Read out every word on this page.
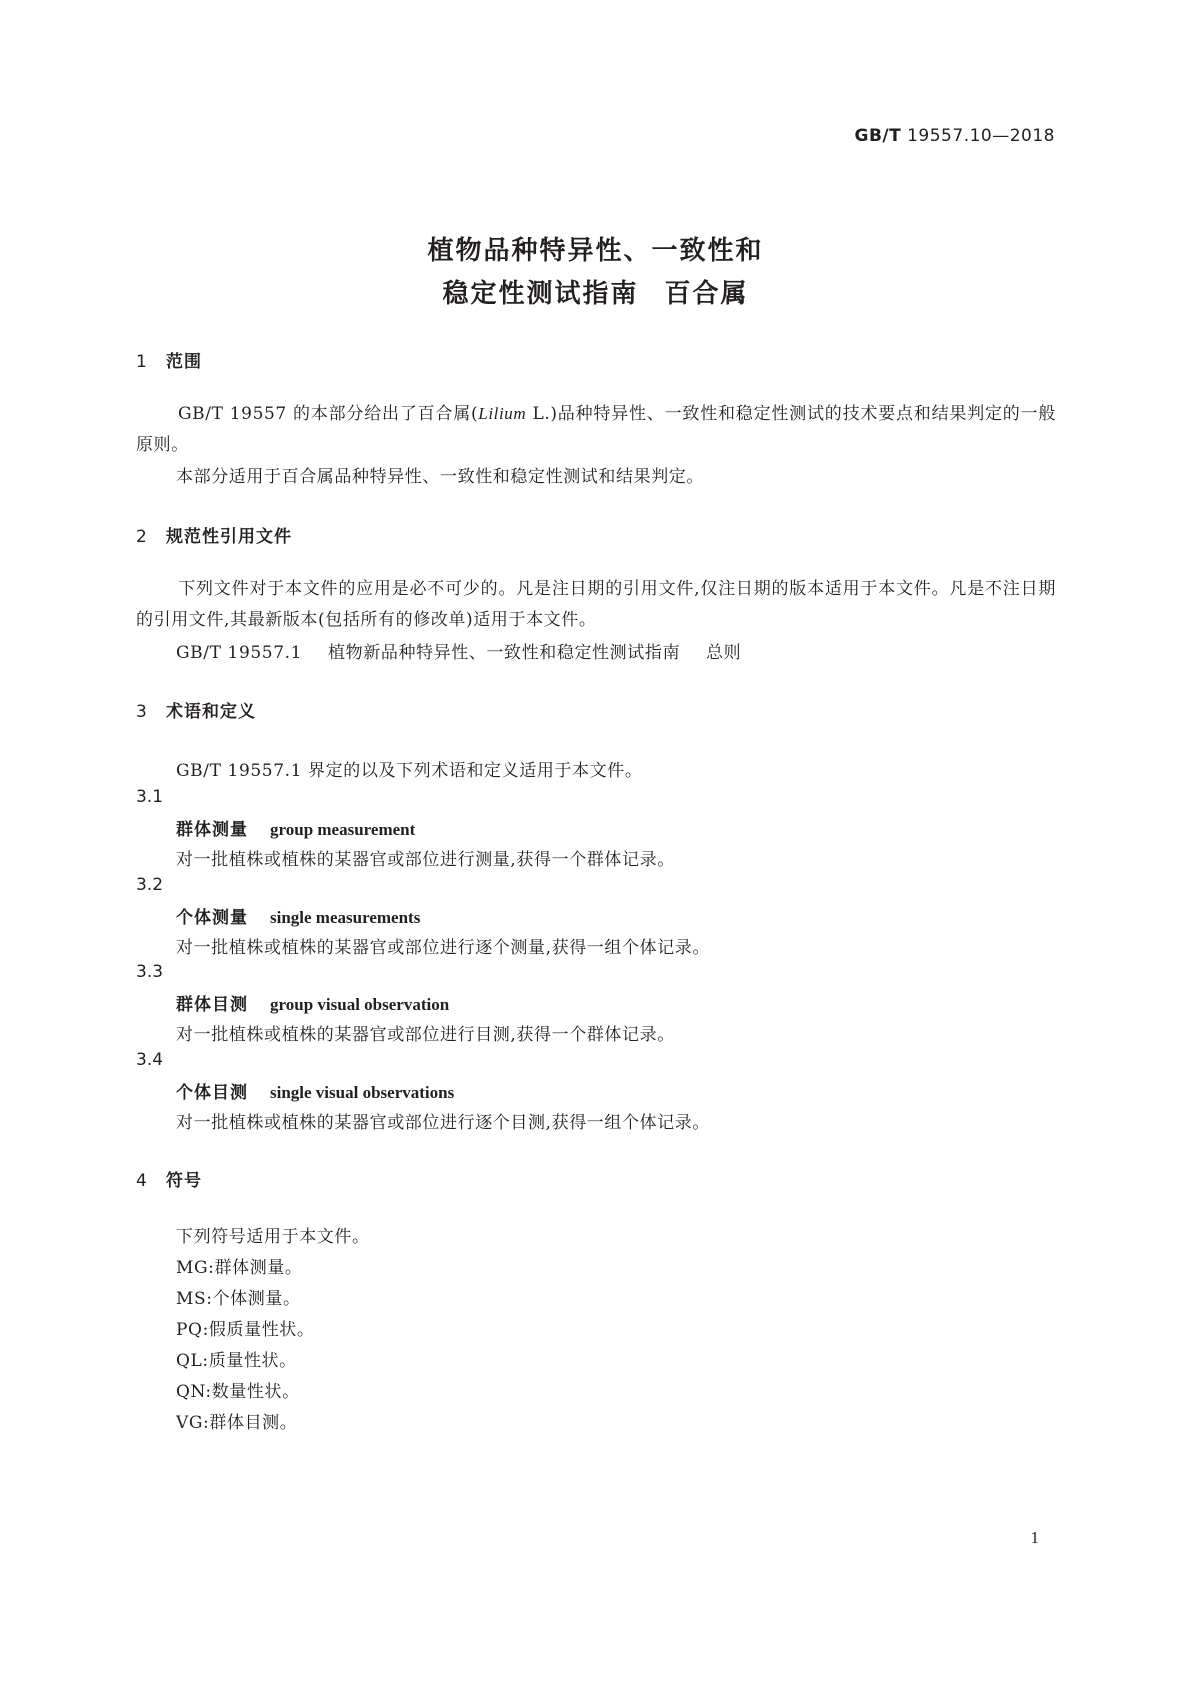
GB/T 19557.10—2018
植物品种特异性、一致性和
稳定性测试指南 百合属
1 范围
GB/T 19557 的本部分给出了百合属(Lilium L.)品种特异性、一致性和稳定性测试的技术要点和结果判定的一般原则。
本部分适用于百合属品种特异性、一致性和稳定性测试和结果判定。
2 规范性引用文件
下列文件对于本文件的应用是必不可少的。凡是注日期的引用文件,仅注日期的版本适用于本文件。凡是不注日期的引用文件,其最新版本(包括所有的修改单)适用于本文件。
GB/T 19557.1 植物新品种特异性、一致性和稳定性测试指南 总则
3 术语和定义
GB/T 19557.1 界定的以及下列术语和定义适用于本文件。
3.1
群体测量 group measurement
对一批植株或植株的某器官或部位进行测量,获得一个群体记录。
3.2
个体测量 single measurements
对一批植株或植株的某器官或部位进行逐个测量,获得一组个体记录。
3.3
群体目测 group visual observation
对一批植株或植株的某器官或部位进行目测,获得一个群体记录。
3.4
个体目测 single visual observations
对一批植株或植株的某器官或部位进行逐个目测,获得一组个体记录。
4 符号
下列符号适用于本文件。
MG:群体测量。
MS:个体测量。
PQ:假质量性状。
QL:质量性状。
QN:数量性状。
VG:群体目测。
1
